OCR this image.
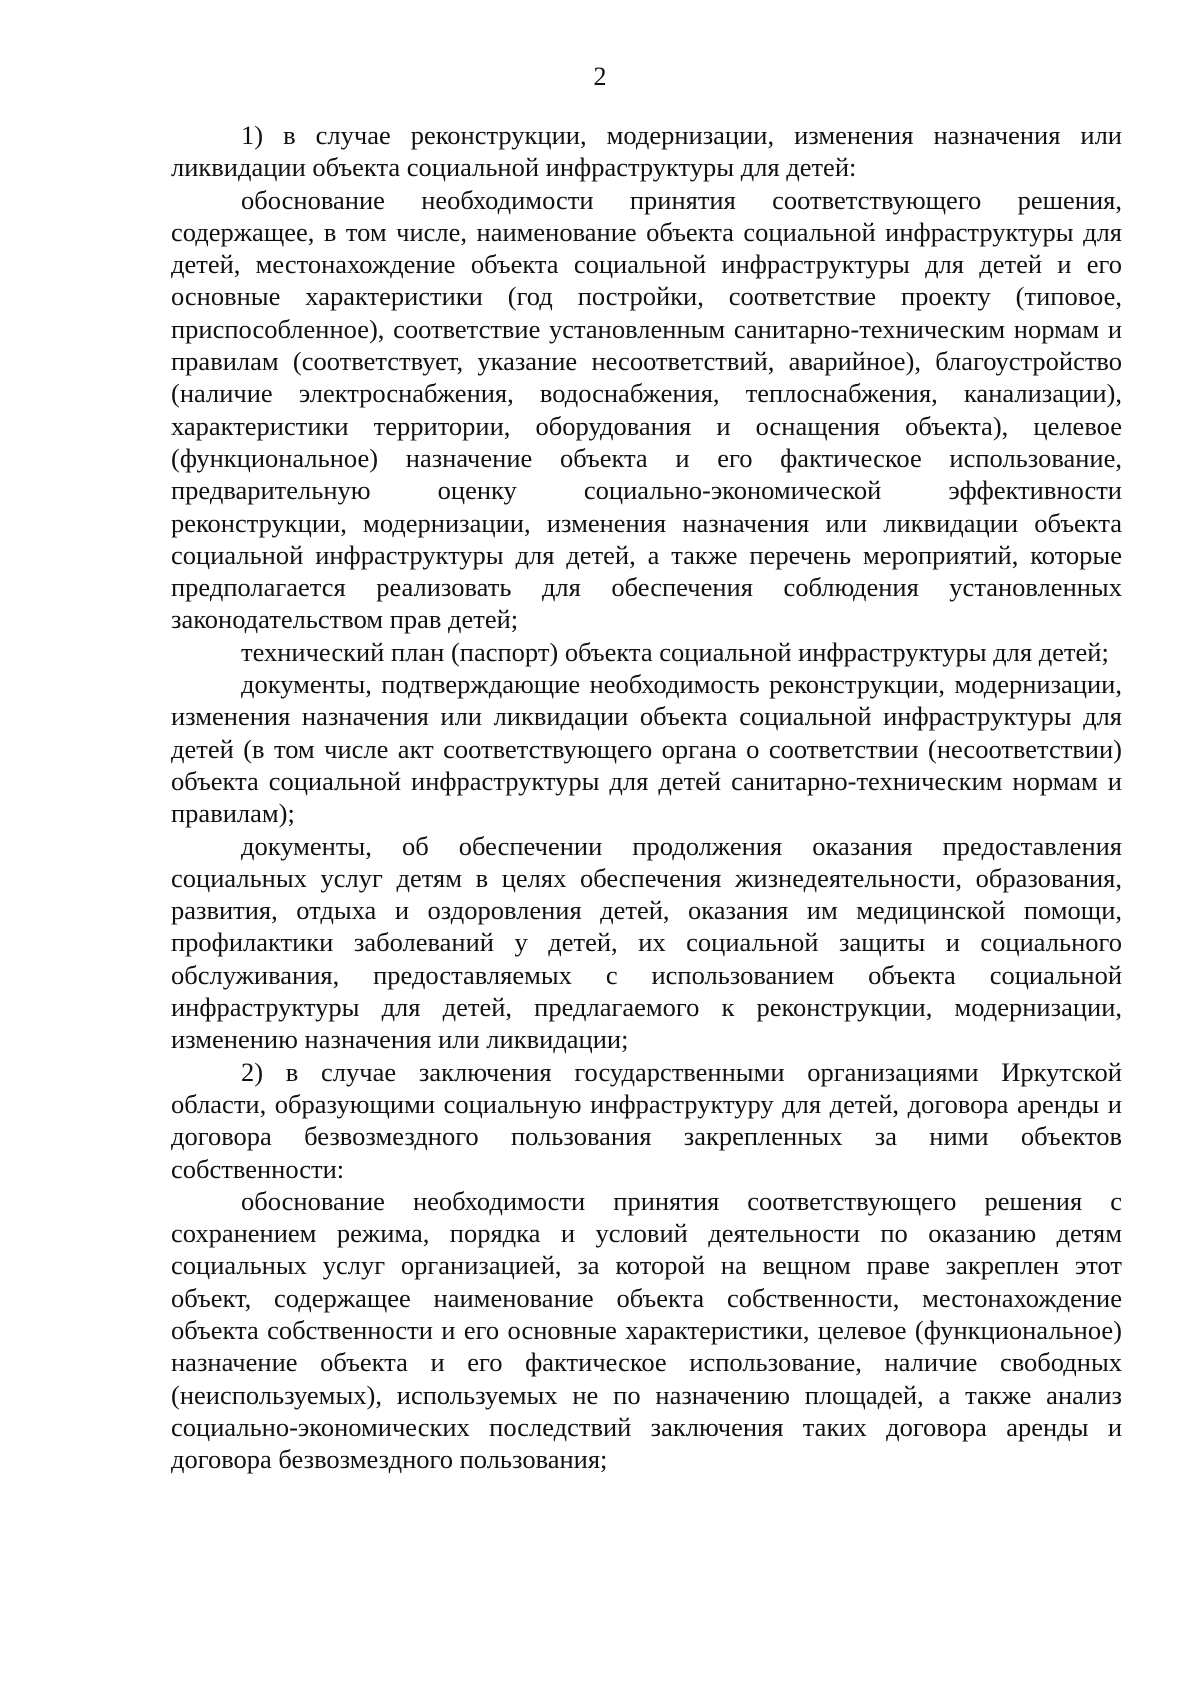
2

1) в случае реконструкции, модернизации, изменения назначения или ликвидации объекта социальной инфраструктуры для детей:

обоснование необходимости принятия соответствующего решения, содержащее, в том числе, наименование объекта социальной инфраструктуры для детей, местонахождение объекта социальной инфраструктуры для детей и его основные характеристики (год постройки, соответствие проекту (типовое, приспособленное), соответствие установленным санитарно-техническим нормам и правилам (соответствует, указание несоответствий, аварийное), благоустройство (наличие электроснабжения, водоснабжения, теплоснабжения, канализации), характеристики территории, оборудования и оснащения объекта), целевое (функциональное) назначение объекта и его фактическое использование, предварительную оценку социально-экономической эффективности реконструкции, модернизации, изменения назначения или ликвидации объекта социальной инфраструктуры для детей, а также перечень мероприятий, которые предполагается реализовать для обеспечения соблюдения установленных законодательством прав детей;

технический план (паспорт) объекта социальной инфраструктуры для детей;

документы, подтверждающие необходимость реконструкции, модернизации, изменения назначения или ликвидации объекта социальной инфраструктуры для детей (в том числе акт соответствующего органа о соответствии (несоответствии) объекта социальной инфраструктуры для детей санитарно-техническим нормам и правилам);

документы, об обеспечении продолжения оказания предоставления социальных услуг детям в целях обеспечения жизнедеятельности, образования, развития, отдыха и оздоровления детей, оказания им медицинской помощи, профилактики заболеваний у детей, их социальной защиты и социального обслуживания, предоставляемых с использованием объекта социальной инфраструктуры для детей, предлагаемого к реконструкции, модернизации, изменению назначения или ликвидации;

2) в случае заключения государственными организациями Иркутской области, образующими социальную инфраструктуру для детей, договора аренды и договора безвозмездного пользования закрепленных за ними объектов собственности:

обоснование необходимости принятия соответствующего решения с сохранением режима, порядка и условий деятельности по оказанию детям социальных услуг организацией, за которой на вещном праве закреплен этот объект, содержащее наименование объекта собственности, местонахождение объекта собственности и его основные характеристики, целевое (функциональное) назначение объекта и его фактическое использование, наличие свободных (неиспользуемых), используемых не по назначению площадей, а также анализ социально-экономических последствий заключения таких договора аренды и договора безвозмездного пользования;
